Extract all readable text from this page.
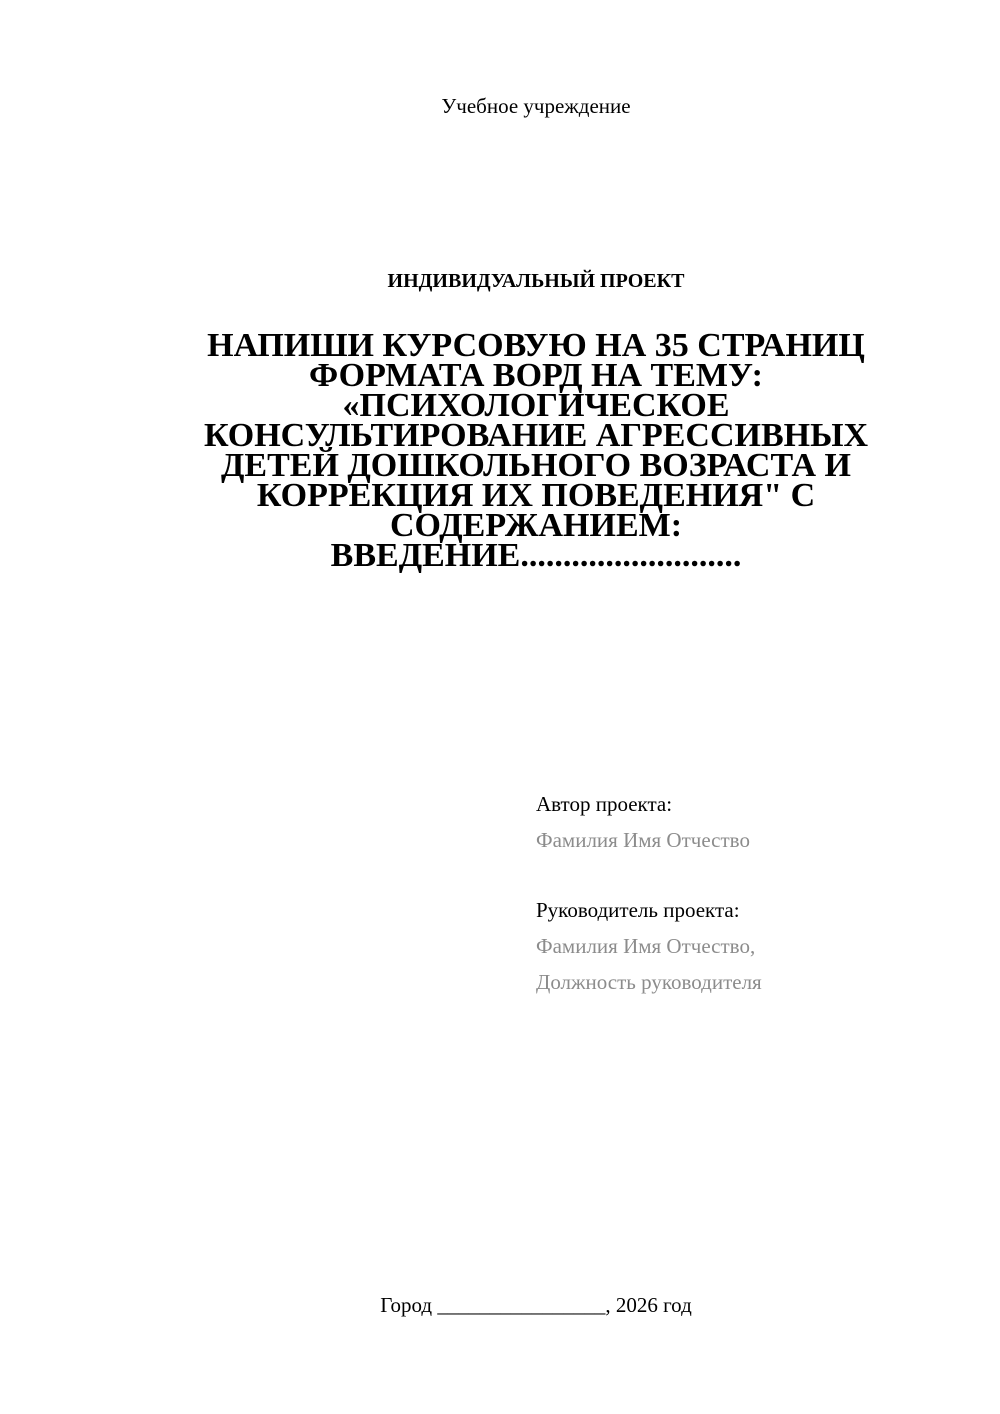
Учебное учреждение
ИНДИВИДУАЛЬНЫЙ ПРОЕКТ
НАПИШИ КУРСОВУЮ НА 35 СТРАНИЦ
ФОРМАТА ВОРД НА ТЕМУ:
«ПСИХОЛОГИЧЕСКОЕ
КОНСУЛЬТИРОВАНИЕ АГРЕССИВНЫХ
ДЕТЕЙ ДОШКОЛЬНОГО ВОЗРАСТА И
КОРРЕКЦИЯ ИХ ПОВЕДЕНИЯ" С
СОДЕРЖАНИЕМ:
ВВЕДЕНИЕ..........................
Автор проекта:
Фамилия Имя Отчество
Руководитель проекта:
Фамилия Имя Отчество,
Должность руководителя
Город ________________, 2026 год
